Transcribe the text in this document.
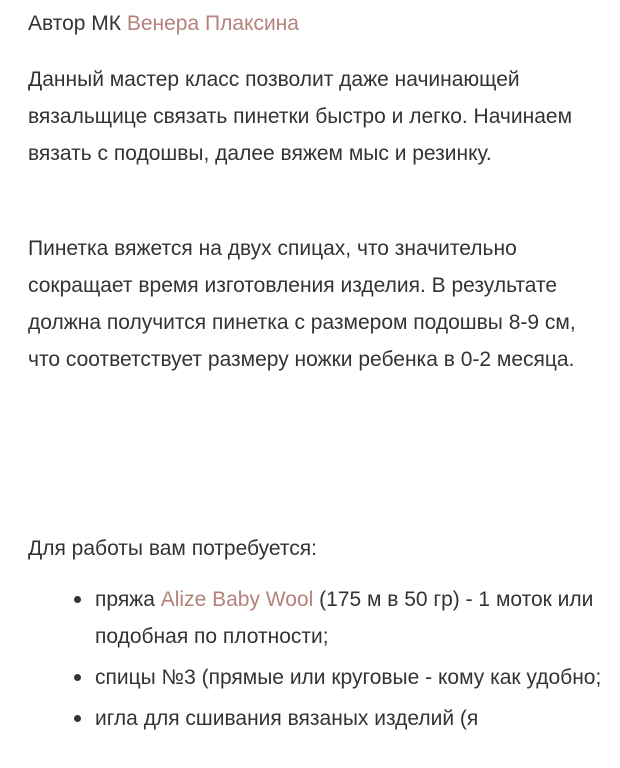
Автор МК Венера Плаксина

Данный мастер класс позволит даже начинающей вязальщице связать пинетки быстро и легко. Начинаем вязать с подошвы, далее вяжем мыс и резинку.

Пинетка вяжется на двух спицах, что значительно сокращает время изготовления изделия. В результате должна получится пинетка с размером подошвы 8-9 см, что соответствует размеру ножки ребенка в 0-2 месяца.

Для работы вам потребуется:

пряжа Alize Baby Wool (175 м в 50 гр) - 1 моток или подобная по плотности;
спицы №3 (прямые или круговые - кому как удобно;
игла для сшивания вязаных изделий (я
